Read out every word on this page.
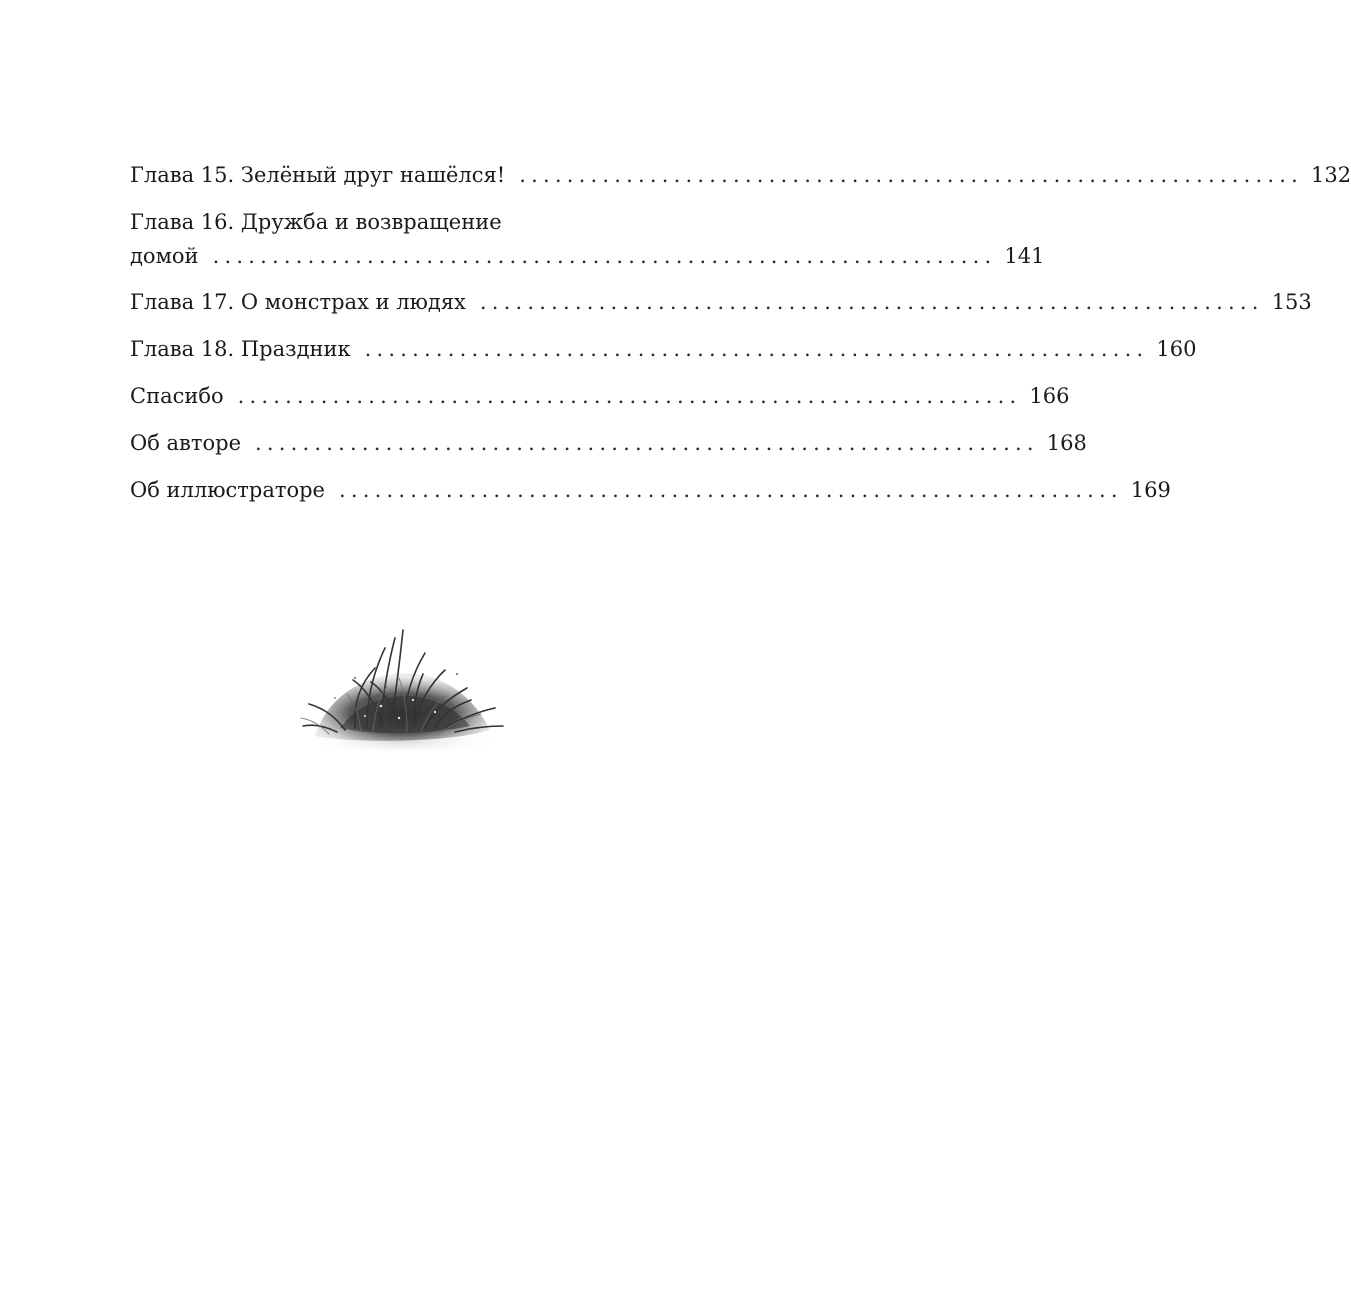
Глава 15. Зелёный друг нашёлся! .................................................................. 132
Глава 16. Дружба и возвращение
домой .................................................................. 141
Глава 17. О монстрах и людях .................................................................. 153
Глава 18. Праздник .................................................................. 160
Спасибо .................................................................. 166
Об авторе .................................................................. 168
Об иллюстраторе .................................................................. 169
